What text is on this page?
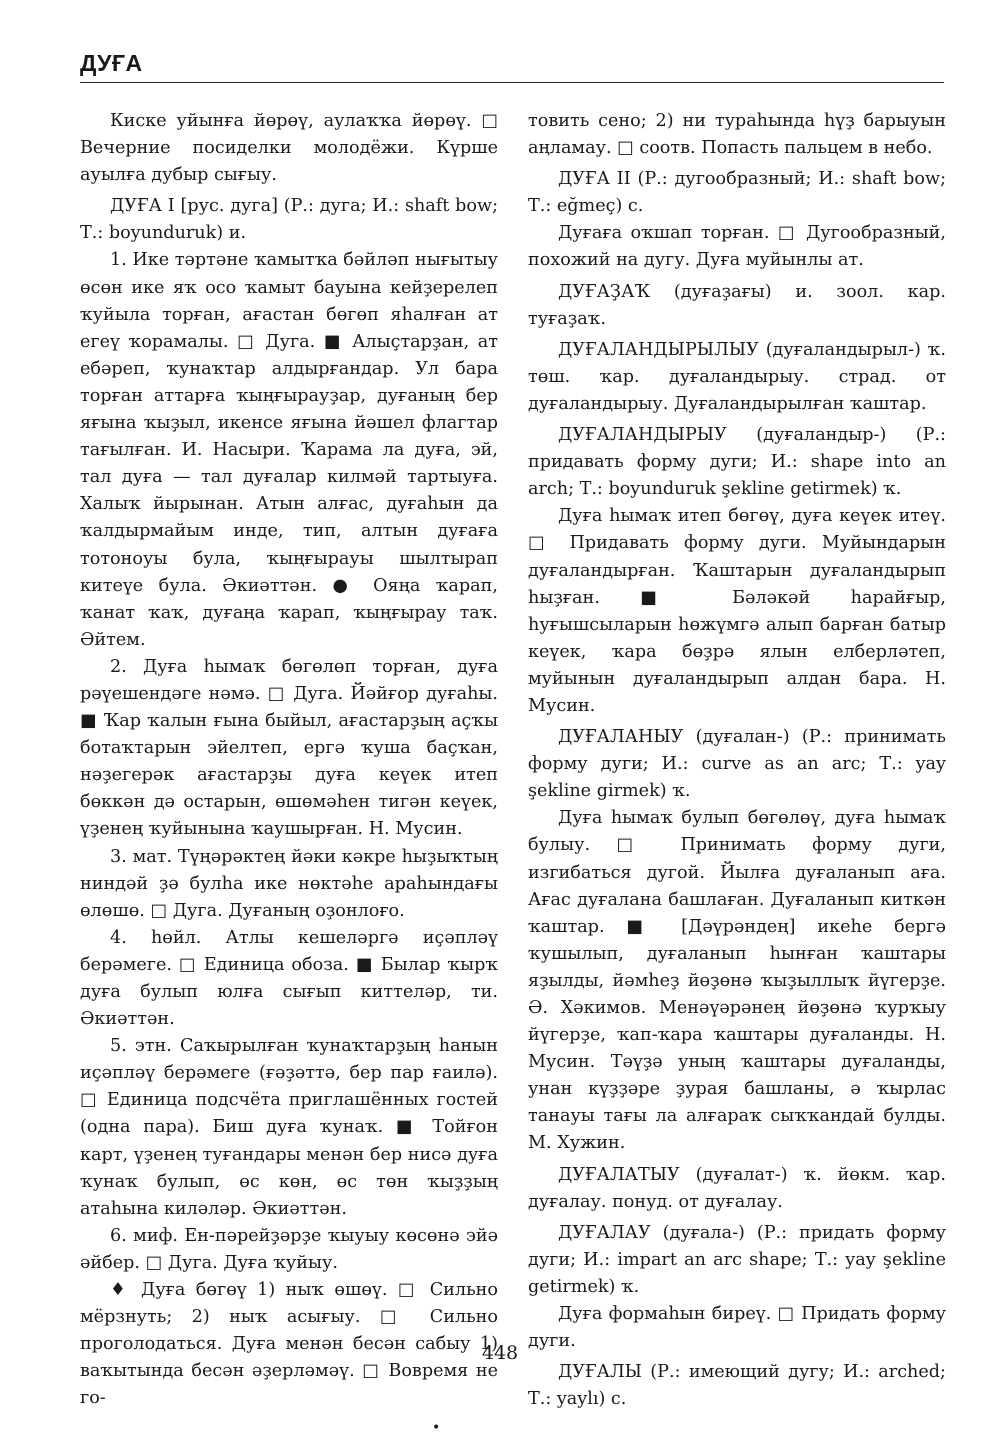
ДУҒА

Киске уйынға йөрөү, аулаҡҡа йөрөү. □ Вечерние посиделки молодёжи. Күрше ауылға дубыр сығыу.

ДУҒА I [рус. дуга] (Р.: дуга; И.: shaft bow; Т.: boyunduruk) и.

1. Ике тәртәне ҡамытҡа бәйләп нығытыу өсөн ике яҡ осо ҡамыт бауына кейҙерелеп ҡуйыла торған, ағастан бөгөп яһалған ат егеү ҡорамалы. □ Дуга. ■ Алыҫтарҙан, ат ебәреп, ҡунаҡтар алдырғандар. Ул бара торған аттарға ҡыңғырауҙар, дуғаның бер яғына ҡыҙыл, икенсе яғына йәшел флагтар тағылған. И. Насыри. Ҡарама ла дуға, эй, тал дуға — тал дуғалар килмәй тартыуға. Халыҡ йырынан. Атын алғас, дуғаһын да ҡалдырмайым инде, тип, алтын дуғаға тотоноуы була, ҡыңғырауы шылтырап китеүе була. Әкиәттән. ● Ояңа ҡарап, ҡанат ҡаҡ, дуғаңа ҡарап, ҡыңғырау таҡ. Әйтем.

2. Дуға һымаҡ бөгөлөп торған, дуға рәүешендәге нәмә. □ Дуга. Йәйғор дуғаһы. ■ Ҡар ҡалын ғына быйыл, ағастарҙың аҫҡы ботаҡтарын эйелтеп, ергә ҡуша баҫҡан, нәҙегерәк ағастарҙы дуға кеүек итеп бөккән дә остарын, өшөмәһен тигән кеүек, үҙенең ҡуйынына ҡаушырған. Н. Мусин.

3. мат. Түңәрәктең йәки кәкре һыҙыҡтың ниндәй ҙә булһа ике нөктәһе араһындағы өлөшө. □ Дуга. Дуғаның оҙонлоғо.

4. һөйл. Атлы кешеләргә иҫәпләү берәмеге. □ Единица обоза. ■ Былар ҡырҡ дуға булып юлға сығып киттеләр, ти. Әкиәттән.

5. этн. Саҡырылған ҡунаҡтарҙың һанын иҫәпләү берәмеге (ғәҙәттә, бер пар ғаилә). □ Единица подсчёта приглашённых гостей (одна пара). Биш дуға ҡунаҡ. ■ Тойғон карт, үҙенең туғандары менән бер нисә дуға ҡунаҡ булып, өс көн, өс төн ҡыҙҙың атаһына киләләр. Әкиәттән.

6. миф. Ен-пәрейҙәрҙе ҡыуыу көсөнә эйә әйбер. □ Дуга. Дуға ҡуйыу.

♦ Дуға бөгөү 1) ныҡ өшөү. □ Сильно мёрзнуть; 2) ныҡ асығыу. □ Сильно проголодаться. Дуға менән бесән сабыу 1) ваҡытында бесән әҙерләмәү. □ Вовремя не го-

товить сено; 2) ни тураһында һүҙ барыуын аңламау. □ соотв. Попасть пальцем в небо.

ДУҒА II (Р.: дугообразный; И.: shaft bow; Т.: eğmeç) с.

Дуғаға оҡшап торған. □ Дугообразный, похожий на дугу. Дуға муйынлы ат.

ДУҒАҘАҠ (дуғаҙағы) и. зоол. кар. туғаҙаҡ.

ДУҒАЛАНДЫРЫЛЫУ (дуғаландырыл-) ҡ. төш. ҡар. дуғаландырыу. страд. от дуғаландырыу. Дуғаландырылған ҡаштар.

ДУҒАЛАНДЫРЫУ (дуғаландыр-) (Р.: придавать форму дуги; И.: shape into an arch; Т.: boyunduruk şekline getirmek) ҡ.

Дуға һымаҡ итеп бөгөү, дуға кеүек итеү. □ Придавать форму дуги. Муйындарын дуғаландырған. Ҡаштарын дуғаландырып һыҙған. ■ Бәләкәй һарайғыр, һуғышсыларын һөжүмгә алып барған батыр кеүек, ҡара бөҙрә ялын елберләтеп, муйынын дуғаландырып алдан бара. Н. Мусин.

ДУҒАЛАНЫУ (дуғалан-) (Р.: принимать форму дуги; И.: curve as an arc; Т.: yay şekline girmek) ҡ.

Дуға һымаҡ булып бөгөлөү, дуға һымаҡ булыу. □ Принимать форму дуги, изгибаться дугой. Йылға дуғаланып аға. Ағас дуғалана башлаған. Дуғаланып киткән ҡаштар. ■ [Дәүрәндең] икеһе бергә ҡушылып, дуғаланып һынған ҡаштары яҙылды, йәмһеҙ йөҙөнә ҡыҙыллыҡ йүгерҙе. Ә. Хәкимов. Менәүәрәнең йөҙөнә ҡурҡыу йүгерҙе, ҡап-ҡара ҡаштары дуғаланды. Н. Мусин. Тәүҙә уның ҡаштары дуғаланды, унан күҙҙәре ҙурая башланы, ә ҡырлас танауы тағы ла алғараҡ сыҡҡандай булды. М. Хужин.

ДУҒАЛАТЫУ (дуғалат-) ҡ. йөкм. ҡар. дуғалау. понуд. от дуғалау.

ДУҒАЛАУ (дуғала-) (Р.: придать форму дуги; И.: impart an arc shape; Т.: yay şekline getirmek) ҡ.

Дуға формаһын биреү. □ Придать форму дуги.

ДУҒАЛЫ (Р.: имеющий дугу; И.: arched; Т.: yaylı) с.

448
•
